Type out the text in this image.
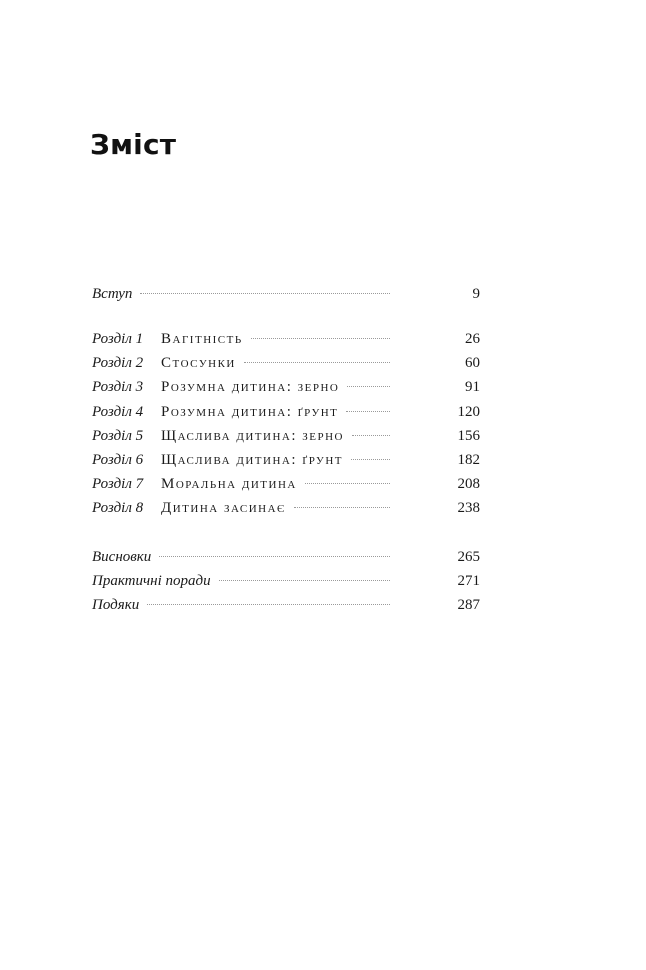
Зміст
Вступ	9
Розділ 1	Вагітність	26
Розділ 2	Стосунки	60
Розділ 3	Розумна дитина: зерно	91
Розділ 4	Розумна дитина: ґрунт	120
Розділ 5	Щаслива дитина: зерно	156
Розділ 6	Щаслива дитина: ґрунт	182
Розділ 7	Моральна дитина	208
Розділ 8	Дитина засинає	238
Висновки	265
Практичні поради	271
Подяки	287
